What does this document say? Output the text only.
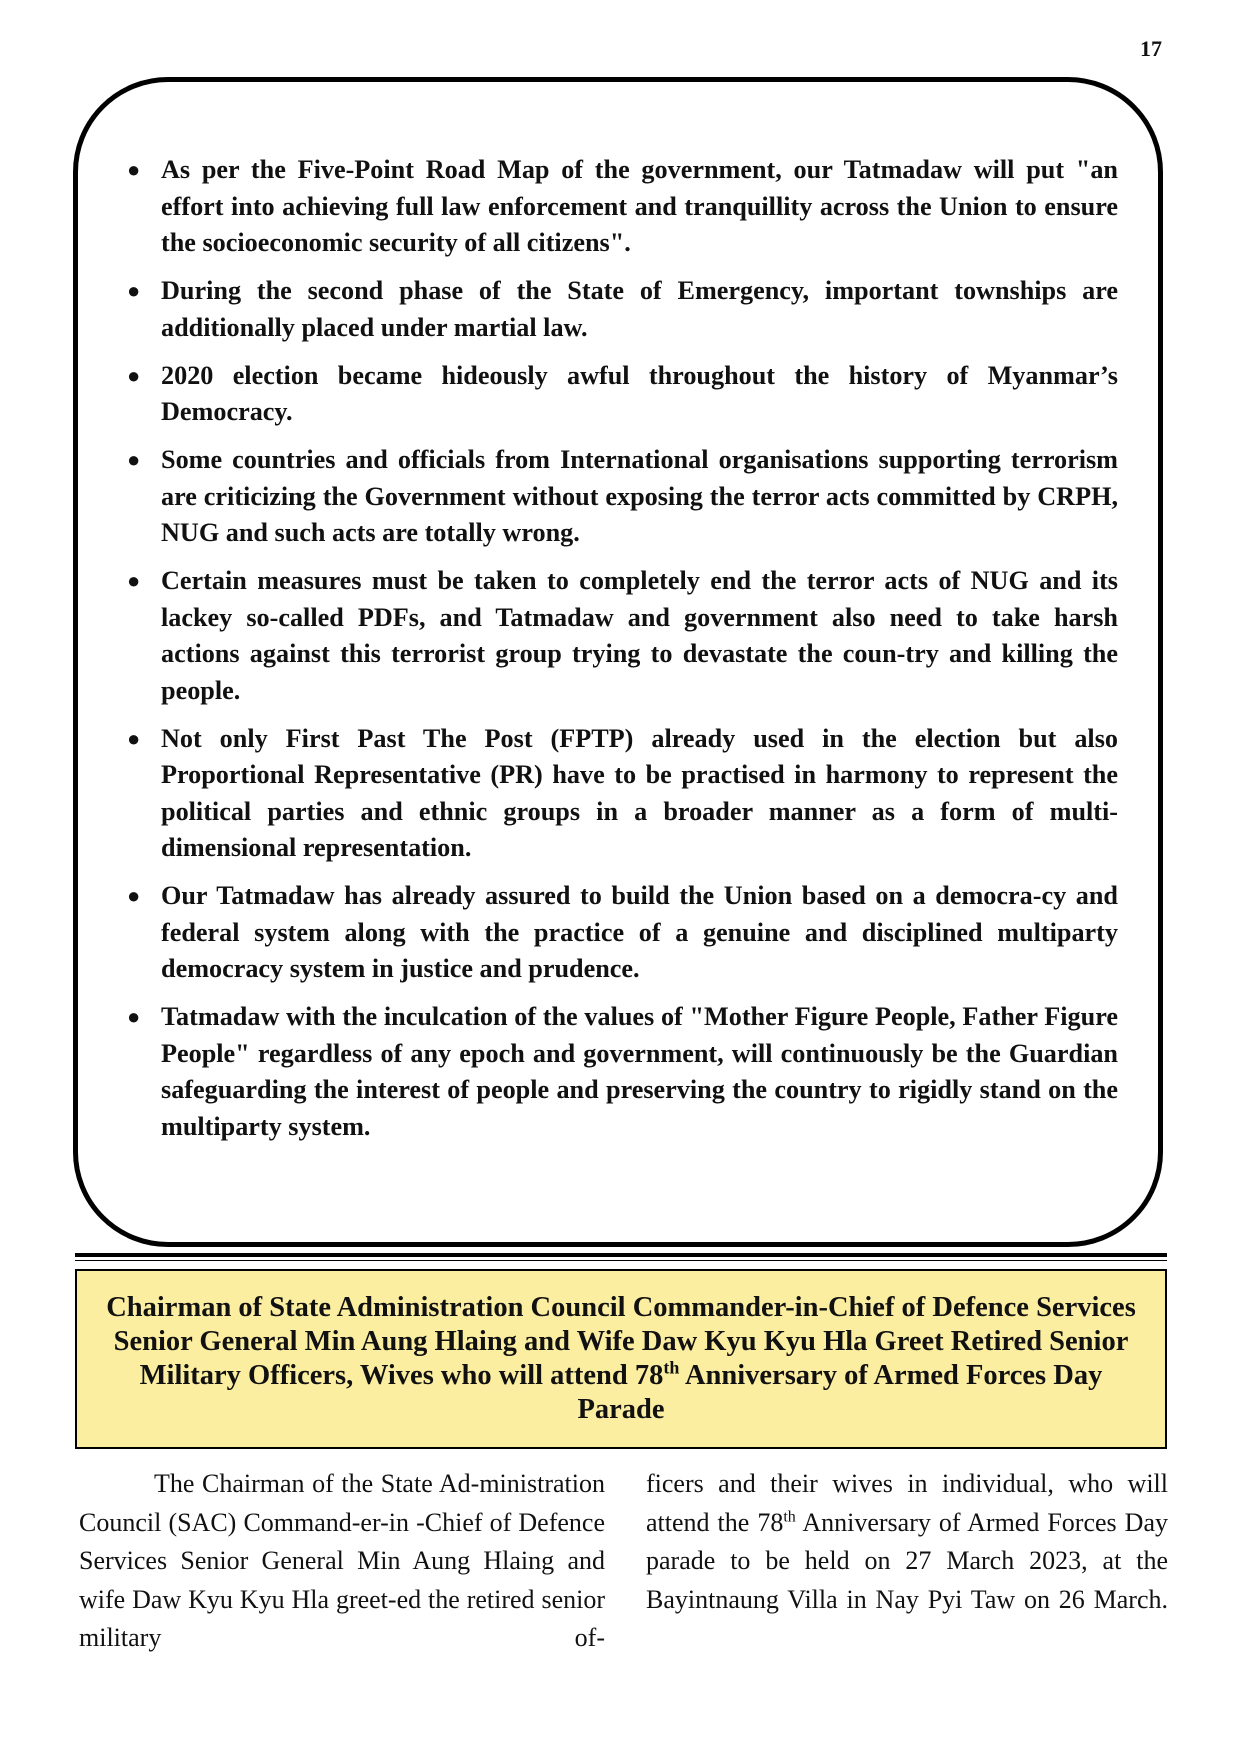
17
● As per the Five-Point Road Map of the government, our Tatmadaw will put "an effort into achieving full law enforcement and tranquillity across the Union to ensure the socioeconomic security of all citizens".
● During the second phase of the State of Emergency, important townships are additionally placed under martial law.
● 2020 election became hideously awful throughout the history of Myanmar’s Democracy.
● Some countries and officials from International organisations supporting terrorism are criticizing the Government without exposing the terror acts committed by CRPH, NUG and such acts are totally wrong.
● Certain measures must be taken to completely end the terror acts of NUG and its lackey so-called PDFs, and Tatmadaw and government also need to take harsh actions against this terrorist group trying to devastate the coun-try and killing the people.
● Not only First Past The Post (FPTP) already used in the election but also Proportional Representative (PR) have to be practised in harmony to represent the political parties and ethnic groups in a broader manner as a form of multi-dimensional representation.
● Our Tatmadaw has already assured to build the Union based on a democra-cy and federal system along with the practice of a genuine and disciplined multiparty democracy system in justice and prudence.
● Tatmadaw with the inculcation of the values of "Mother Figure People, Father Figure People" regardless of any epoch and government, will continuously be the Guardian safeguarding the interest of people and preserving the country to rigidly stand on the multiparty system.
Chairman of State Administration Council Commander-in-Chief of Defence Services Senior General Min Aung Hlaing and Wife Daw Kyu Kyu Hla Greet Retired Senior Military Officers, Wives who will attend 78th Anniversary of Armed Forces Day Parade

The Chairman of the State Ad-ministration Council (SAC) Command-er-in -Chief of Defence Services Senior General Min Aung Hlaing and wife Daw Kyu Kyu Hla greet-ed the retired senior military of-

ficers and their wives in individual, who will attend the 78th Anniversary of Armed Forces Day parade to be held on 27 March 2023, at the Bayintnaung Villa in Nay Pyi Taw on 26 March.
